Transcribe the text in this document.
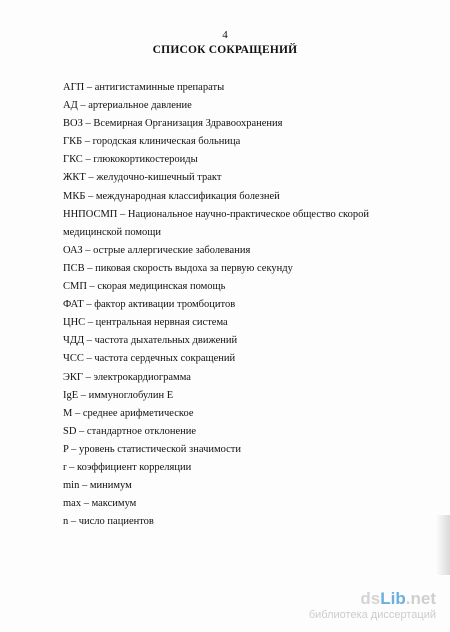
4
СПИСОК СОКРАЩЕНИЙ
АГП – антигистаминные препараты
АД – артериальное давление
ВОЗ – Всемирная Организация Здравоохранения
ГКБ – городская клиническая больница
ГКС – глюкокортикостероиды
ЖКТ – желудочно-кишечный тракт
МКБ – международная классификация болезней
ННПОСМП – Национальное научно-практическое общество скорой медицинской помощи
ОАЗ – острые аллергические заболевания
ПСВ – пиковая скорость выдоха за первую секунду
СМП – скорая медицинская помощь
ФАТ – фактор активации тромбоцитов
ЦНС – центральная нервная система
ЧДД – частота дыхательных движений
ЧСС – частота сердечных сокращений
ЭКГ – электрокардиограмма
IgE – иммуноглобулин Е
M – среднее арифметическое
SD – стандартное отклонение
P – уровень статистической значимости
r – коэффициент корреляции
min – минимум
max – максимум
n – число пациентов
dsLib.net
библиотека диссертаций
